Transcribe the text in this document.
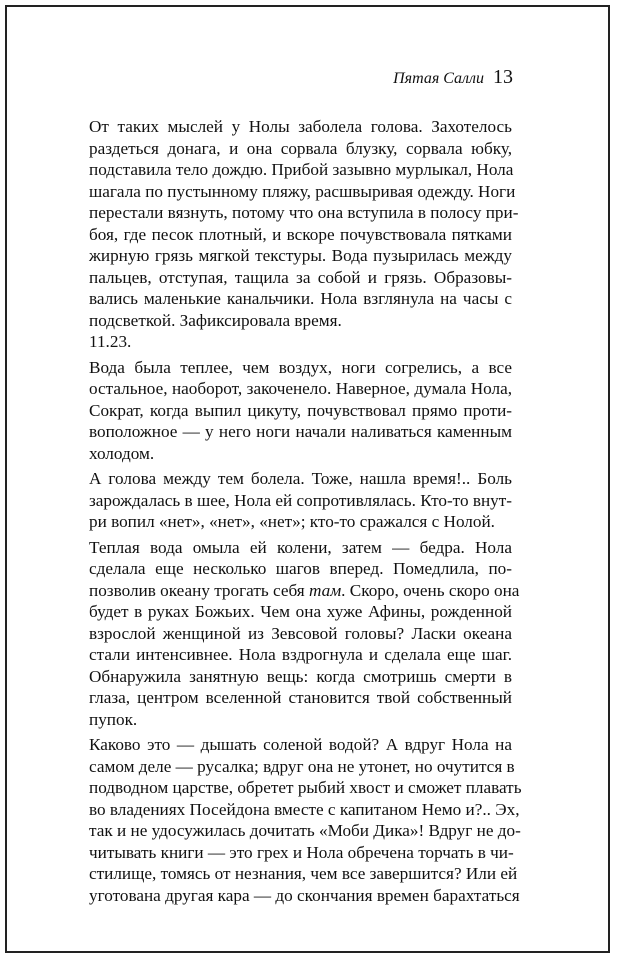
Пятая Салли 13
От таких мыслей у Нолы заболела голова. Захотелось
раздеться донага, и она сорвала блузку, сорвала юбку,
подставила тело дождю. Прибой зазывно мурлыкал, Нола
шагала по пустынному пляжу, расшвыривая одежду. Ноги
перестали вязнуть, потому что она вступила в полосу при-
боя, где песок плотный, и вскоре почувствовала пятками
жирную грязь мягкой текстуры. Вода пузырилась между
пальцев, отступая, тащила за собой и грязь. Образовы-
вались маленькие канальчики. Нола взглянула на часы с
подсветкой. Зафиксировала время.
11.23.
Вода была теплее, чем воздух, ноги согрелись, а все
остальное, наоборот, закоченело. Наверное, думала Нола,
Сократ, когда выпил цикуту, почувствовал прямо проти-
воположное — у него ноги начали наливаться каменным
холодом.
А голова между тем болела. Тоже, нашла время!.. Боль
зарождалась в шее, Нола ей сопротивлялась. Кто-то внут-
ри вопил «нет», «нет», «нет»; кто-то сражался с Нолой.
Теплая вода омыла ей колени, затем — бедра. Нола
сделала еще несколько шагов вперед. Помедлила, по-
позволив океану трогать себя там. Скоро, очень скоро она
будет в руках Божьих. Чем она хуже Афины, рожденной
взрослой женщиной из Зевсовой головы? Ласки океана
стали интенсивнее. Нола вздрогнула и сделала еще шаг.
Обнаружила занятную вещь: когда смотришь смерти в
глаза, центром вселенной становится твой собственный
пупок.
Каково это — дышать соленой водой? А вдруг Нола на
самом деле — русалка; вдруг она не утонет, но очутится в
подводном царстве, обретет рыбий хвост и сможет плавать
во владениях Посейдона вместе с капитаном Немо и?.. Эх,
так и не удосужилась дочитать «Моби Дика»! Вдруг не до-
читывать книги — это грех и Нола обречена торчать в чи-
стилище, томясь от незнания, чем все завершится? Или ей
уготована другая кара — до скончания времен барахтаться
